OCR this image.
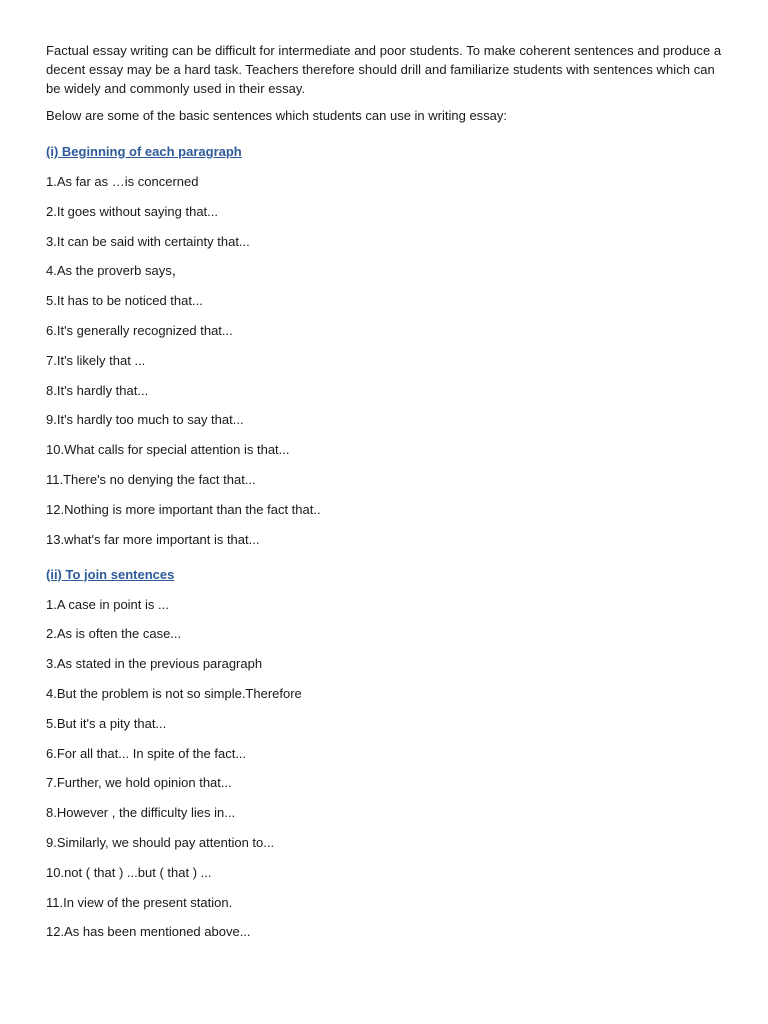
Factual essay writing can be difficult for intermediate and poor students. To make coherent sentences and produce a decent essay may be a hard task. Teachers therefore should drill and familiarize students with sentences which can be widely and commonly used in their essay.

Below are some of the basic sentences which students can use in writing essay:

(i) Beginning of each paragraph

1.As far as …is concerned
2.It goes without saying that...
3.It can be said with certainty that...
4.As the proverb says，
5.It has to be noticed that...
6.It's generally recognized that...
7.It's likely that ...
8.It's hardly that...
9.It's hardly too much to say that...
10.What calls for special attention is that...
11.There's no denying the fact that...
12.Nothing is more important than the fact that..
13.what's far more important is that...

(ii) To join sentences

1.A case in point is ...
2.As is often the case...
3.As stated in the previous paragraph
4.But the problem is not so simple.Therefore
5.But it's a pity that...
6.For all that... In spite of the fact...
7.Further, we hold opinion that...
8.However , the difficulty lies in...
9.Similarly, we should pay attention to...
10.not ( that ) ...but ( that ) ...
11.In view of the present station.
12.As has been mentioned above...
